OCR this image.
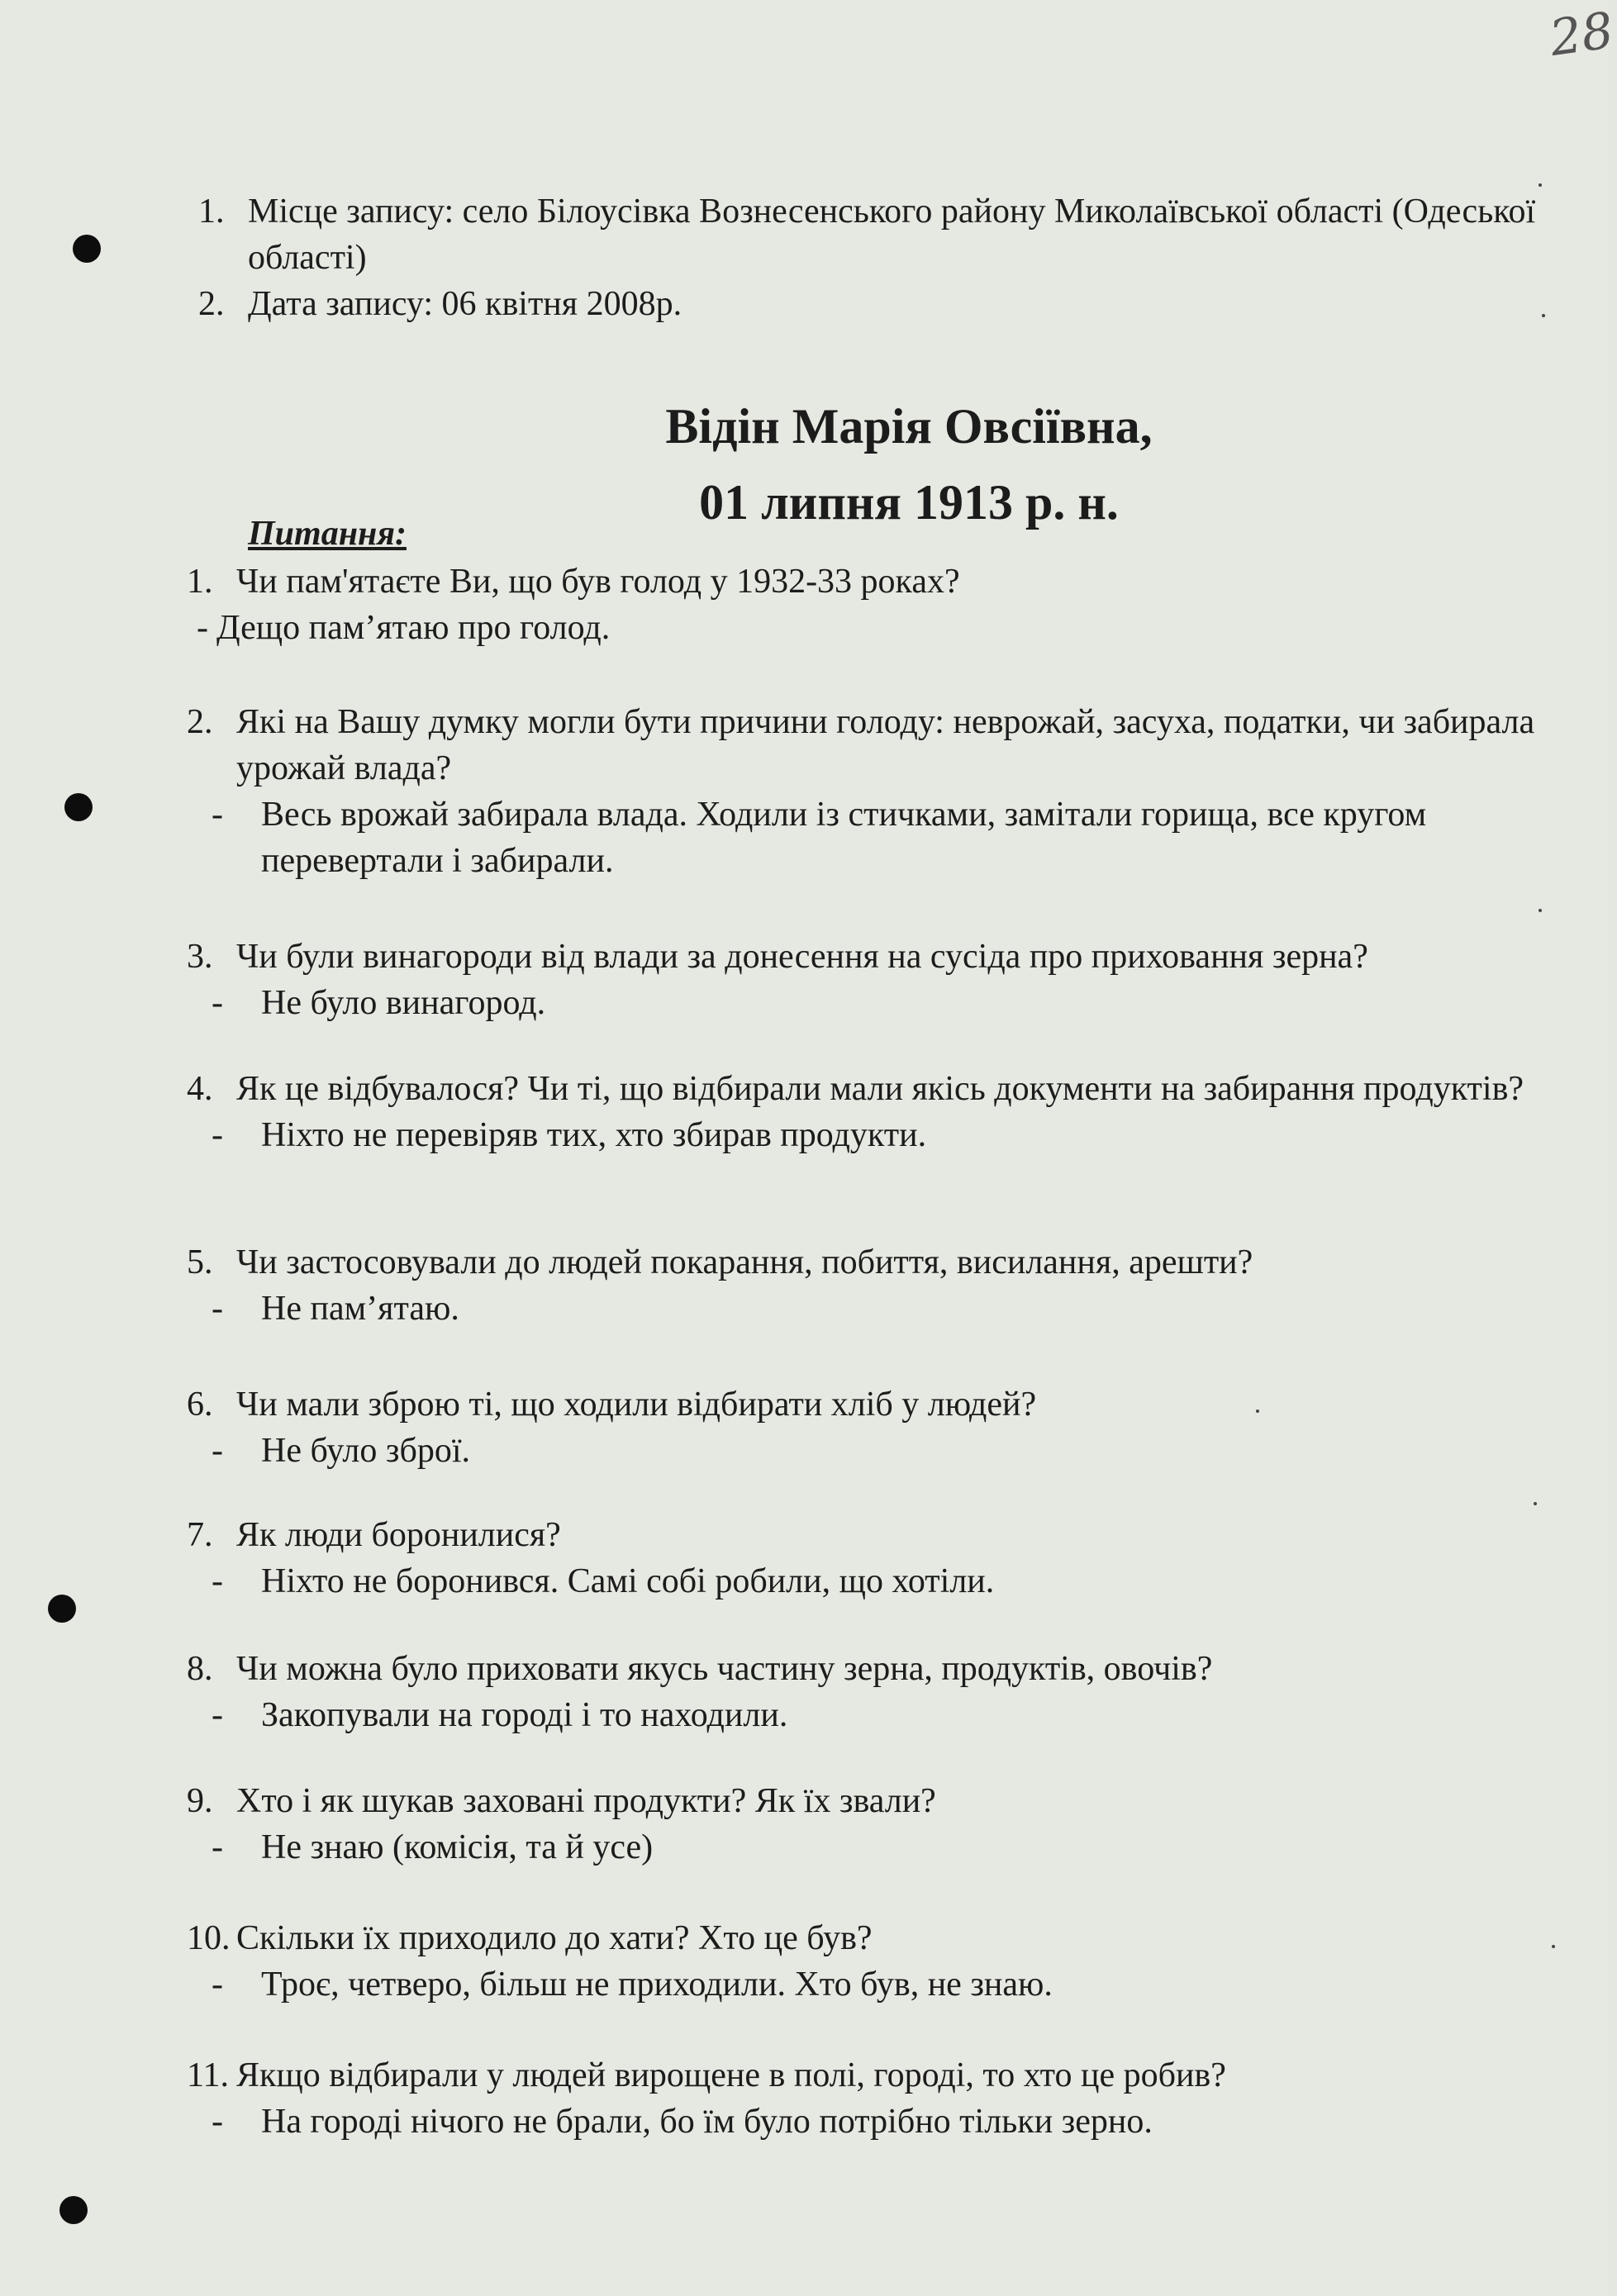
28
1. Місце запису: село Білоусівка Вознесенського району Миколаївської області (Одеської області)
2. Дата запису: 06 квітня 2008р.
Відін Марія Овсіївна,
01 липня 1913 р. н.
Питання:
1. Чи пам'ятаєте Ви, що був голод у 1932-33 роках?
- Дещо пам’ятаю про голод.
2. Які на Вашу думку могли бути причини голоду: неврожай, засуха, податки, чи забирала урожай влада?
- Весь врожай забирала влада. Ходили із стичками, замітали горища, все кругом перевертали і забирали.
3. Чи були винагороди від влади за донесення на сусіда про приховання зерна?
- Не було винагород.
4. Як це відбувалося? Чи ті, що відбирали мали якісь документи на забирання продуктів?
- Ніхто не перевіряв тих, хто збирав продукти.
5. Чи застосовували до людей покарання, побиття, висилання, арешти?
- Не пам’ятаю.
6. Чи мали зброю ті, що ходили відбирати хліб у людей?
- Не було зброї.
7. Як люди боронилися?
- Ніхто не боронився. Самі собі робили, що хотіли.
8. Чи можна було приховати якусь частину зерна, продуктів, овочів?
- Закопували на городі і то находили.
9. Хто і як шукав заховані продукти? Як їх звали?
- Не знаю (комісія, та й усе)
10. Скільки їх приходило до хати? Хто це був?
- Троє, четверо, більш не приходили. Хто був, не знаю.
11. Якщо відбирали у людей вирощене в полі, городі, то хто це робив?
- На городі нічого не брали, бо їм було потрібно тільки зерно.
